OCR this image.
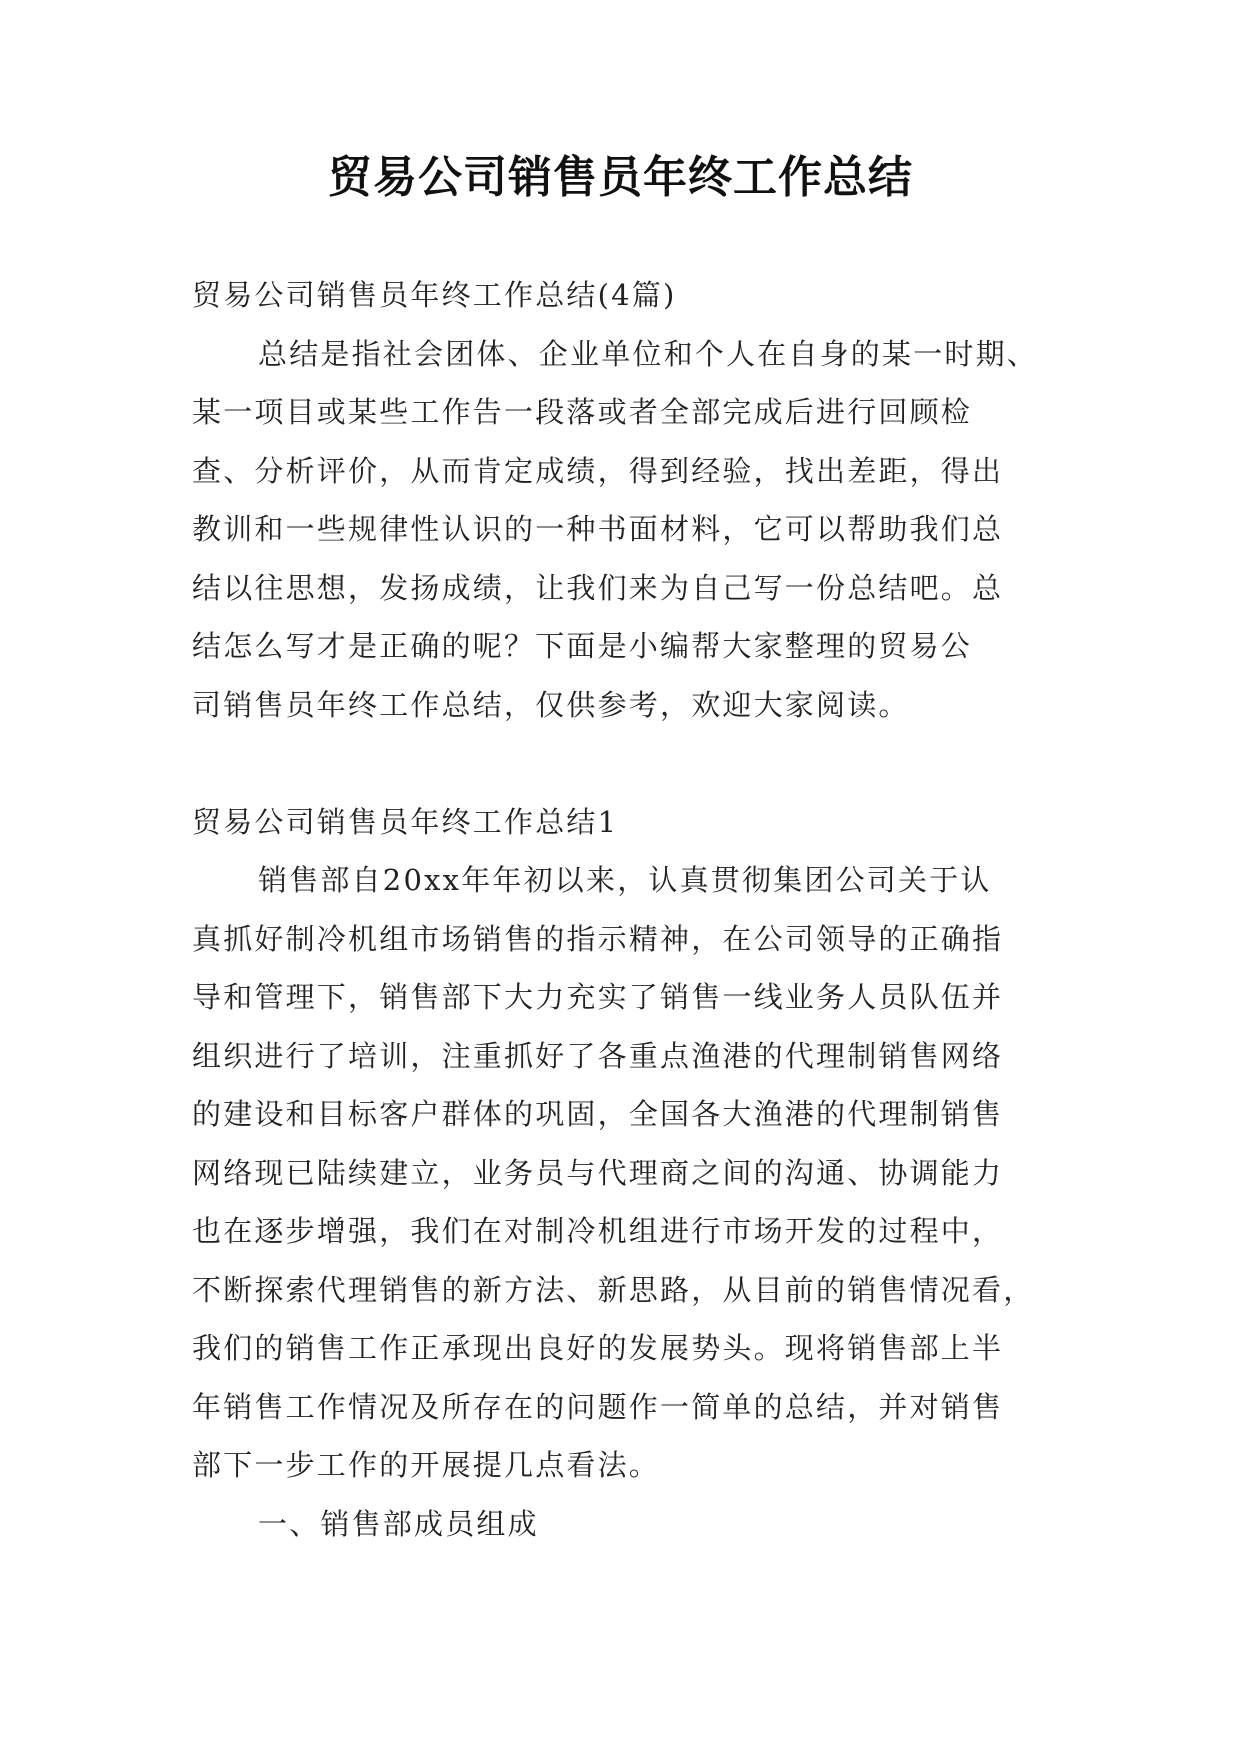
贸易公司销售员年终工作总结
贸易公司销售员年终工作总结(4篇)
总结是指社会团体、企业单位和个人在自身的某一时期、
某一项目或某些工作告一段落或者全部完成后进行回顾检
查、分析评价，从而肯定成绩，得到经验，找出差距，得出
教训和一些规律性认识的一种书面材料，它可以帮助我们总
结以往思想，发扬成绩，让我们来为自己写一份总结吧。总
结怎么写才是正确的呢？下面是小编帮大家整理的贸易公
司销售员年终工作总结，仅供参考，欢迎大家阅读。
贸易公司销售员年终工作总结1
销售部自20xx年年初以来，认真贯彻集团公司关于认
真抓好制冷机组市场销售的指示精神，在公司领导的正确指
导和管理下，销售部下大力充实了销售一线业务人员队伍并
组织进行了培训，注重抓好了各重点渔港的代理制销售网络
的建设和目标客户群体的巩固，全国各大渔港的代理制销售
网络现已陆续建立，业务员与代理商之间的沟通、协调能力
也在逐步增强，我们在对制冷机组进行市场开发的过程中，
不断探索代理销售的新方法、新思路，从目前的销售情况看，
我们的销售工作正承现出良好的发展势头。现将销售部上半
年销售工作情况及所存在的问题作一简单的总结，并对销售
部下一步工作的开展提几点看法。
一、销售部成员组成
